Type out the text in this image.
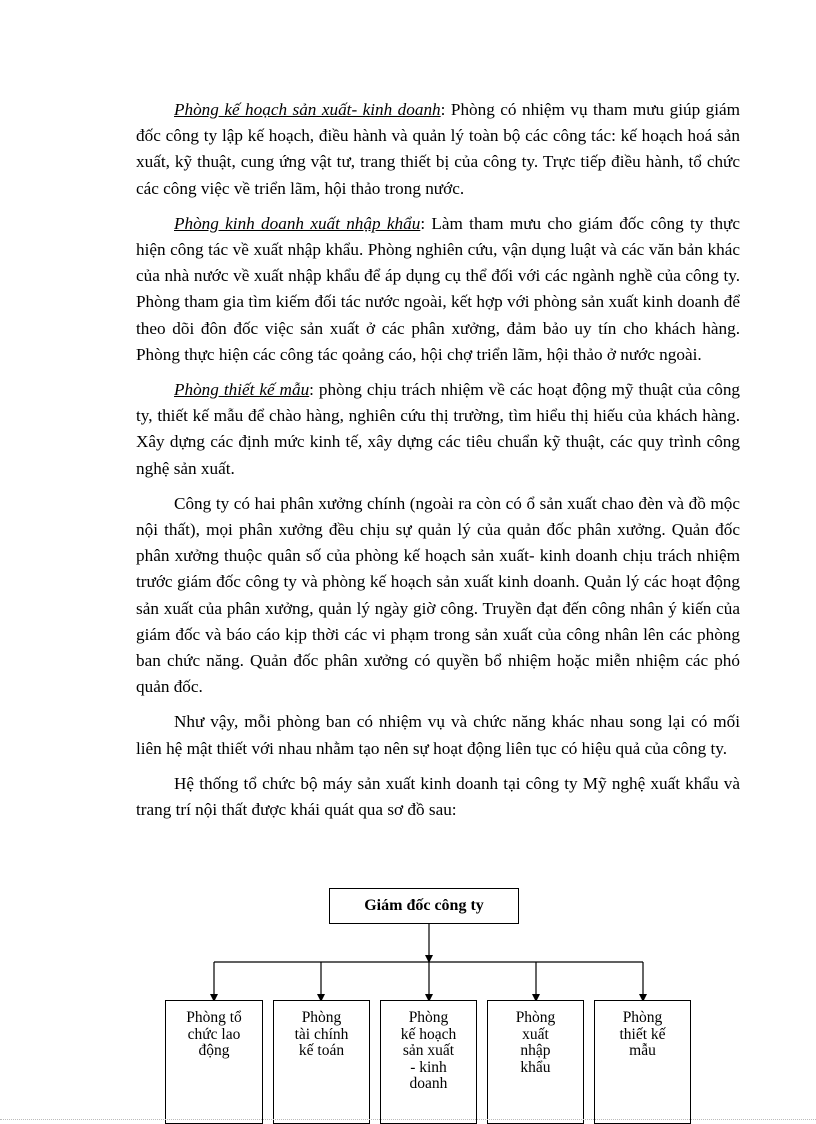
Phòng kế hoạch sản xuất- kinh doanh: Phòng có nhiệm vụ tham mưu giúp giám đốc công ty lập kế hoạch, điều hành và quản lý toàn bộ các công tác: kế hoạch hoá sản xuất, kỹ thuật, cung ứng vật tư, trang thiết bị của công ty. Trực tiếp điều hành, tổ chức các công việc về triển lãm, hội thảo trong nước.

Phòng kinh doanh xuất nhập khẩu: Làm tham mưu cho giám đốc công ty thực hiện công tác về xuất nhập khẩu. Phòng nghiên cứu, vận dụng luật và các văn bản khác của nhà nước về xuất nhập khẩu để áp dụng cụ thể đối với các ngành nghề của công ty. Phòng tham gia tìm kiếm đối tác nước ngoài, kết hợp với phòng sản xuất kinh doanh để theo dõi đôn đốc việc sản xuất ở các phân xưởng, đảm bảo uy tín cho khách hàng. Phòng thực hiện các công tác qoảng cáo, hội chợ triển lãm, hội thảo ở nước ngoài.

Phòng thiết kế mẫu: phòng chịu trách nhiệm về các hoạt động mỹ thuật của công ty, thiết kế mẫu để chào hàng, nghiên cứu thị trường, tìm hiểu thị hiếu của khách hàng. Xây dựng các định mức kinh tế, xây dựng các tiêu chuẩn kỹ thuật, các quy trình công nghệ sản xuất.

Công ty có hai phân xưởng chính (ngoài ra còn có ổ sản xuất chao đèn và đồ mộc nội thất), mọi phân xưởng đều chịu sự quản lý của quản đốc phân xưởng. Quản đốc phân xưởng thuộc quân số của phòng kế hoạch sản xuất- kinh doanh chịu trách nhiệm trước giám đốc công ty và phòng kế hoạch sản xuất kinh doanh. Quản lý các hoạt động sản xuất của phân xưởng, quản lý ngày giờ công. Truyền đạt đến công nhân ý kiến của giám đốc và báo cáo kịp thời các vi phạm trong sản xuất của công nhân lên các phòng ban chức năng. Quản đốc phân xưởng có quyền bổ nhiệm hoặc miễn nhiệm các phó quản đốc.

Như vậy, mỗi phòng ban có nhiệm vụ và chức năng khác nhau song lại có mối liên hệ mật thiết với nhau nhằm tạo nên sự hoạt động liên tục có hiệu quả của công ty.

Hệ thống tổ chức bộ máy sản xuất kinh doanh tại công ty Mỹ nghệ xuất khẩu và trang trí nội thất được khái quát qua sơ đồ sau:

Giám đốc công ty
Phòng tổ
chức lao
động
Phòng
tài chính
kế toán
Phòng
kế hoạch
sản xuất
- kinh
doanh
Phòng
xuất
nhập
khẩu
Phòng
thiết kế
mẫu
